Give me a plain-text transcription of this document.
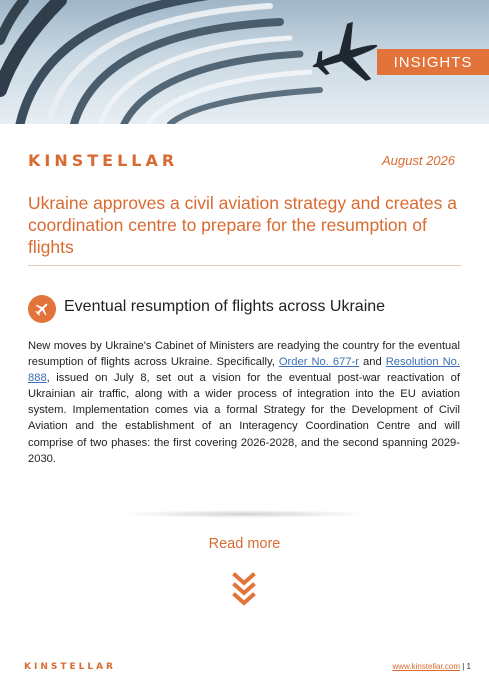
INSIGHTS
KINSTELLAR	August 2026
Ukraine approves a civil aviation strategy and creates a coordination centre to prepare for the resumption of flights
Eventual resumption of flights across Ukraine
New moves by Ukraine's Cabinet of Ministers are readying the country for the eventual resumption of flights across Ukraine. Specifically, Order No. 677-r and Resolution No. 888, issued on July 8, set out a vision for the eventual post-war reactivation of Ukrainian air traffic, along with a wider process of integration into the EU aviation system. Implementation comes via a formal Strategy for the Development of Civil Aviation and the establishment of an Interagency Coordination Centre and will comprise of two phases: the first covering 2026-2028, and the second spanning 2029-2030.
Read more
KINSTELLAR	www.kinstellar.com | 1
